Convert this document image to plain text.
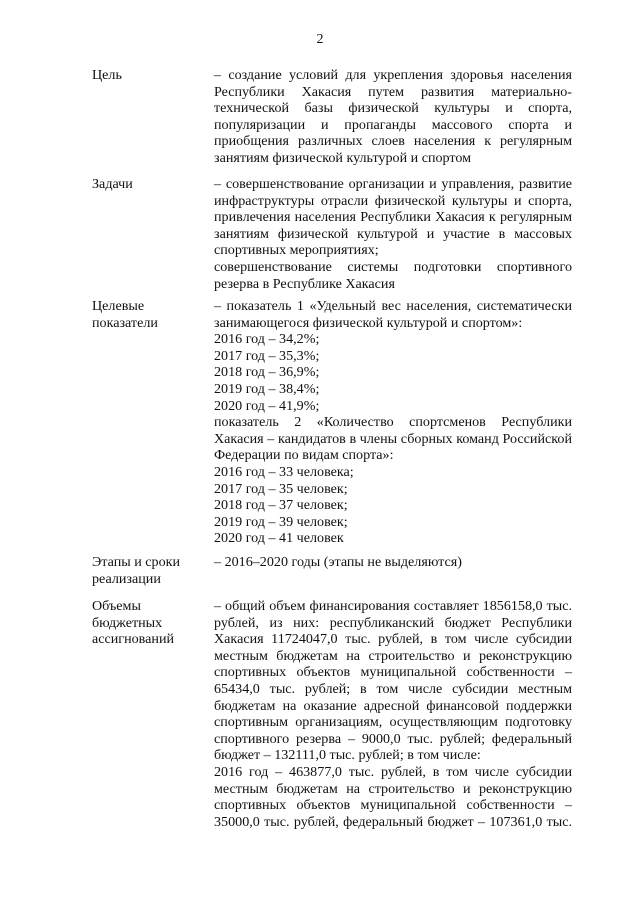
2
Цель	– создание условий для укрепления здоровья населения
Республики Хакасия путем развития материально-
технической базы физической культуры и спорта,
популяризации и пропаганды массового спорта и
приобщения различных слоев населения к регулярным
занятиям физической культурой и спортом
Задачи	– совершенствование организации и управления, развитие
инфраструктуры отрасли физической культуры и спорта,
привлечения населения Республики Хакасия к регулярным
занятиям физической культурой и участие в массовых
спортивных мероприятиях;
совершенствование системы подготовки спортивного
резерва в Республике Хакасия
Целевые
показатели
– показатель 1 «Удельный вес населения, систематически
занимающегося физической культурой и спортом»:
2016 год – 34,2%;
2017 год – 35,3%;
2018 год – 36,9%;
2019 год – 38,4%;
2020 год – 41,9%;
показатель 2 «Количество спортсменов Республики
Хакасия – кандидатов в члены сборных команд Российской
Федерации по видам спорта»:
2016 год – 33 человека;
2017 год – 35 человек;
2018 год – 37 человек;
2019 год – 39 человек;
2020 год – 41 человек
Этапы и сроки
реализации
– 2016–2020 годы (этапы не выделяются)
Объемы
бюджетных
ассигнований
– общий объем финансирования составляет 1856158,0 тыс.
рублей, из них: республиканский бюджет Республики
Хакасия 11724047,0 тыс. рублей, в том числе субсидии
местным бюджетам на строительство и реконструкцию
спортивных объектов муниципальной собственности –
65434,0 тыс. рублей; в том числе субсидии местным
бюджетам на оказание адресной финансовой поддержки
спортивным организациям, осуществляющим подготовку
спортивного резерва – 9000,0 тыс. рублей; федеральный
бюджет – 132111,0 тыс. рублей; в том числе:
2016 год – 463877,0 тыс. рублей, в том числе субсидии
местным бюджетам на строительство и реконструкцию
спортивных объектов муниципальной собственности –
35000,0 тыс. рублей, федеральный бюджет – 107361,0 тыс.
